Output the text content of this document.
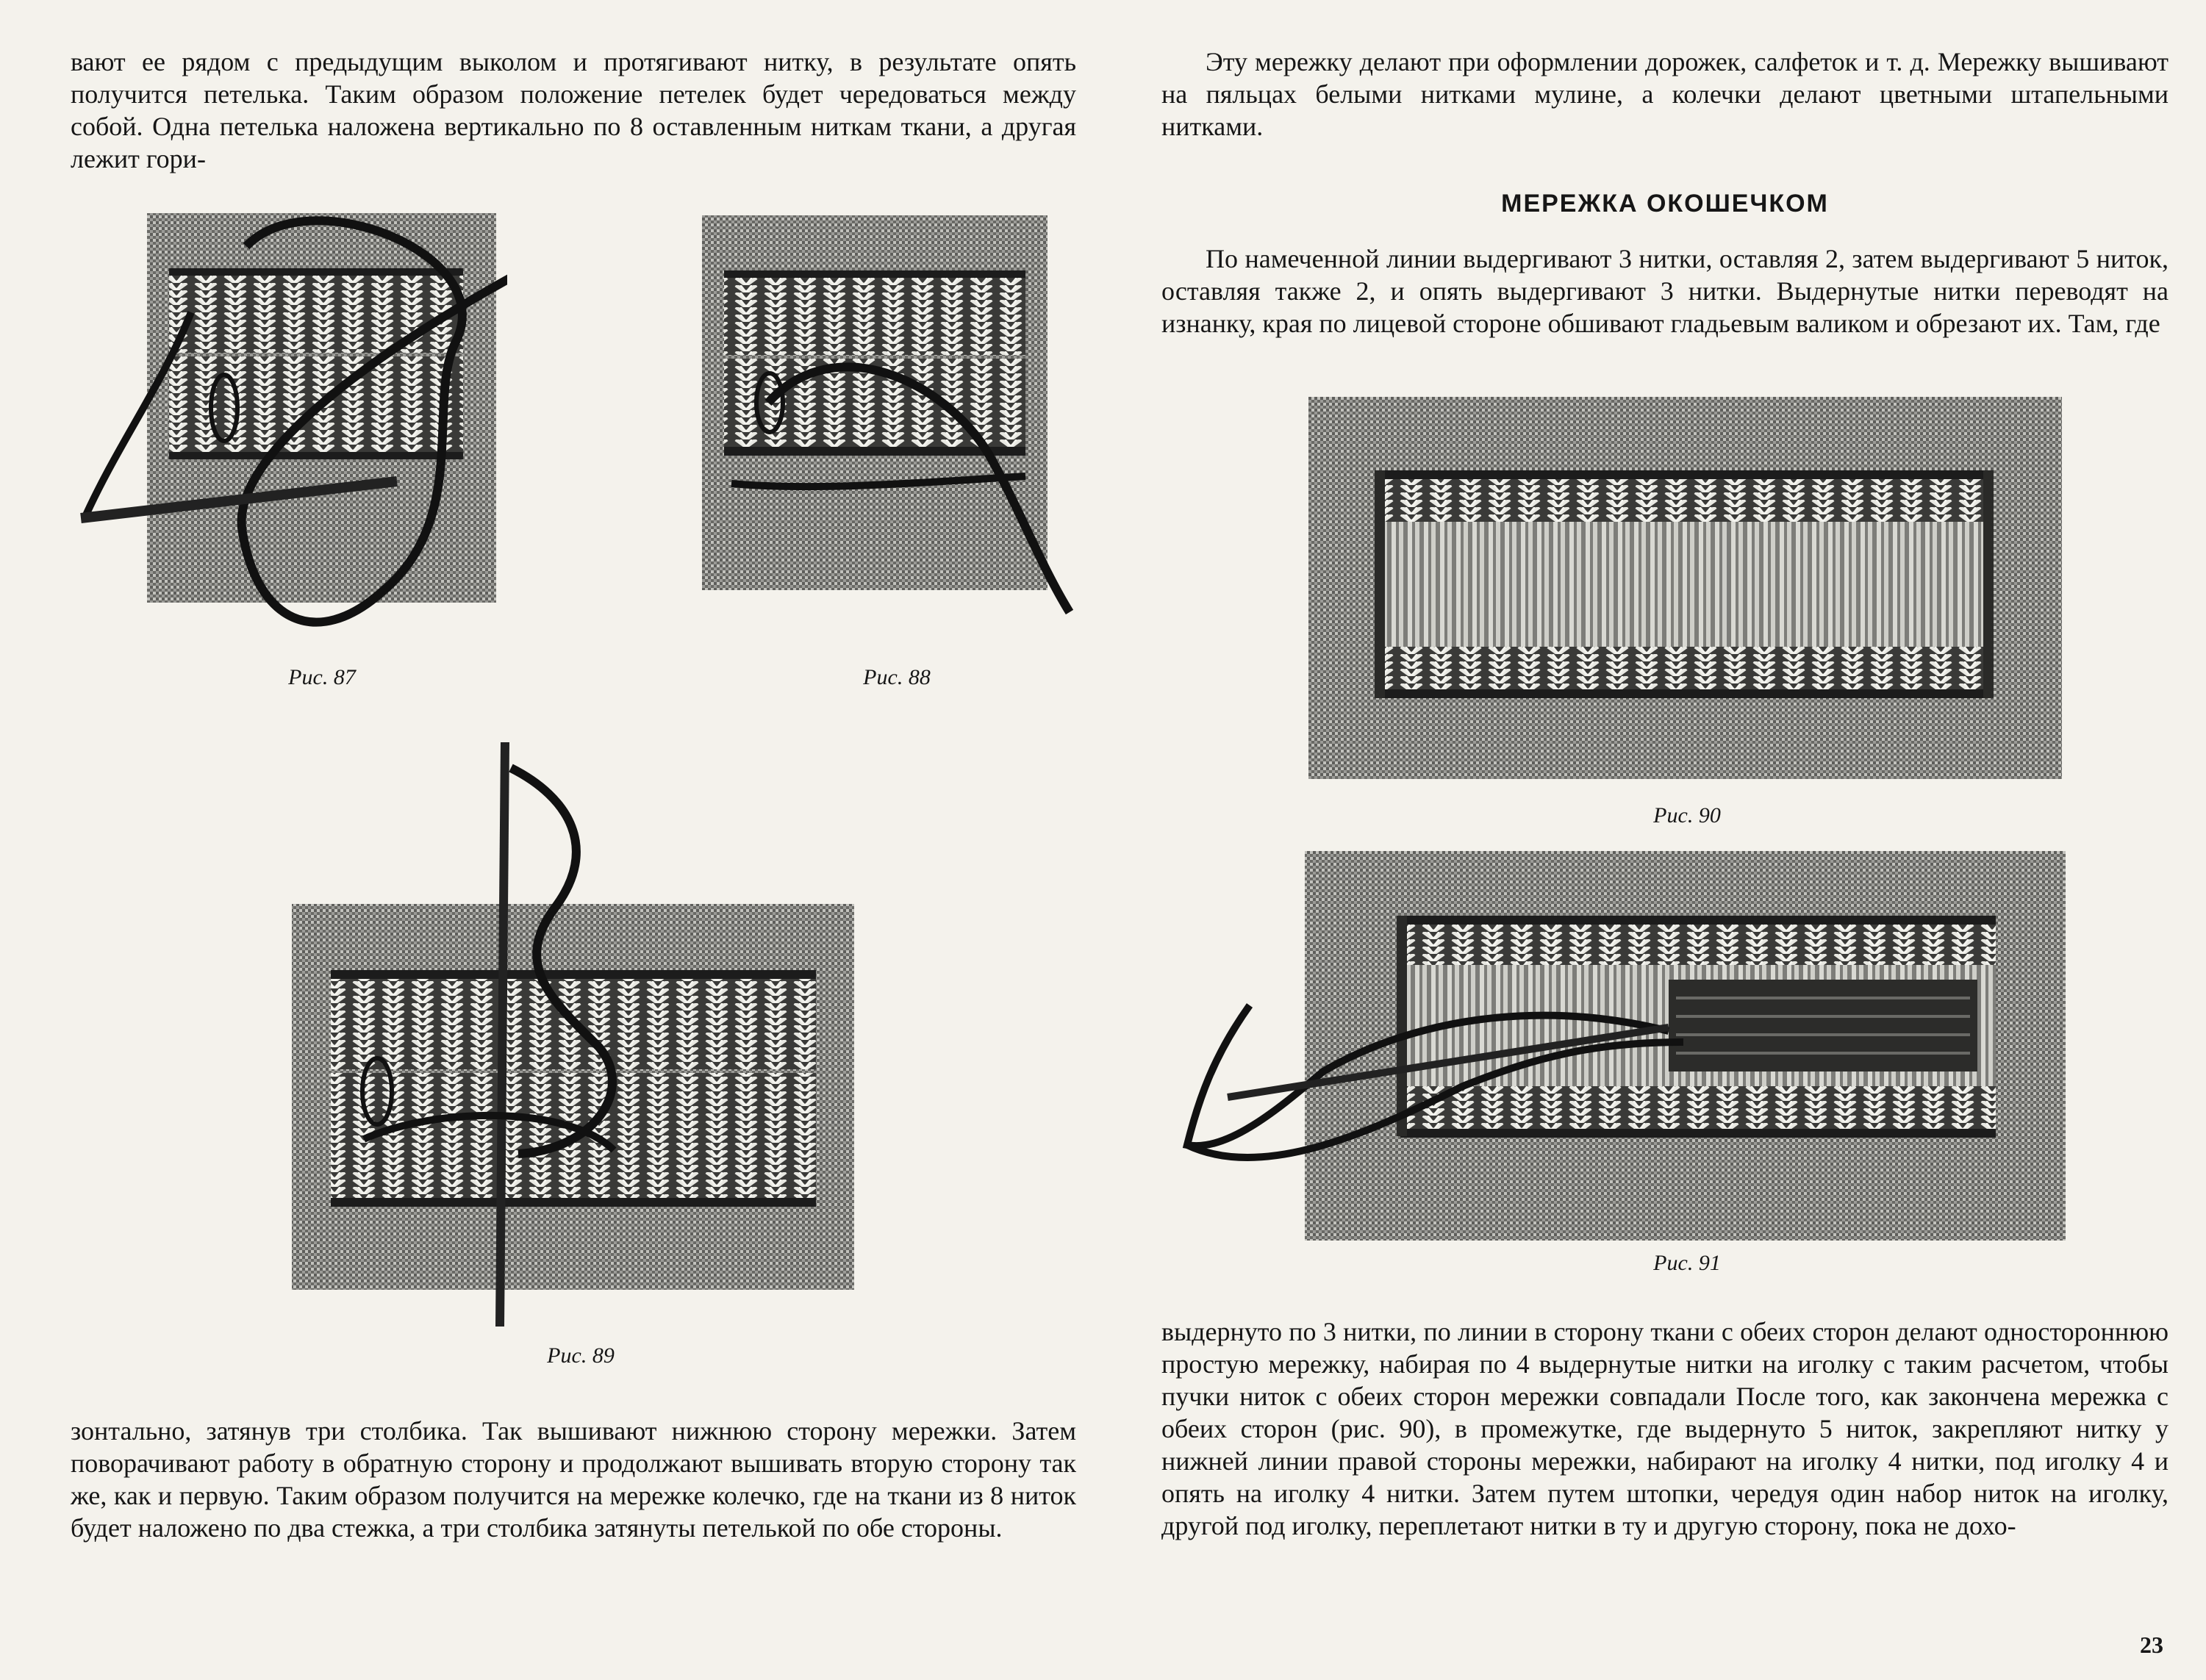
вают ее рядом с предыдущим выколом и протягивают нитку, в результате опять получится петелька. Таким образом положение петелек будет чередоваться между собой. Одна петелька наложена вертикально по 8 оставленным ниткам ткани, а другая лежит гори-

Рис. 87	Рис. 88
Рис. 89

зонтально, затянув три столбика. Так вышивают нижнюю сторону мережки. Затем поворачивают работу в обратную сторону и продолжают вышивать вторую сторону так же, как и первую. Таким образом получится на мережке колечко, где на ткани из 8 ниток будет наложено по два стежка, а три столбика затянуты петелькой по обе стороны.

Эту мережку делают при оформлении дорожек, салфеток и т. д. Мережку вышивают на пяльцах белыми нитками мулине, а колечки делают цветными штапельными нитками.

МЕРЕЖКА ОКОШЕЧКОМ

По намеченной линии выдергивают 3 нитки, оставляя 2, затем выдергивают 5 ниток, оставляя также 2, и опять выдергивают 3 нитки. Выдернутые нитки переводят на изнанку, края по лицевой стороне обшивают гладьевым валиком и обрезают их. Там, где

Рис. 90
Рис. 91

выдернуто по 3 нитки, по линии в сторону ткани с обеих сторон делают одностороннюю простую мережку, набирая по 4 выдернутые нитки на иголку с таким расчетом, чтобы пучки ниток с обеих сторон мережки совпадали После того, как закончена мережка с обеих сторон (рис. 90), в промежутке, где выдернуто 5 ниток, закрепляют нитку у нижней линии правой стороны мережки, набирают на иголку 4 нитки, под иголку 4 и опять на иголку 4 нитки. Затем путем штопки, чередуя один набор ниток на иголку, другой под иголку, переплетают нитки в ту и другую сторону, пока не дохо-

23
